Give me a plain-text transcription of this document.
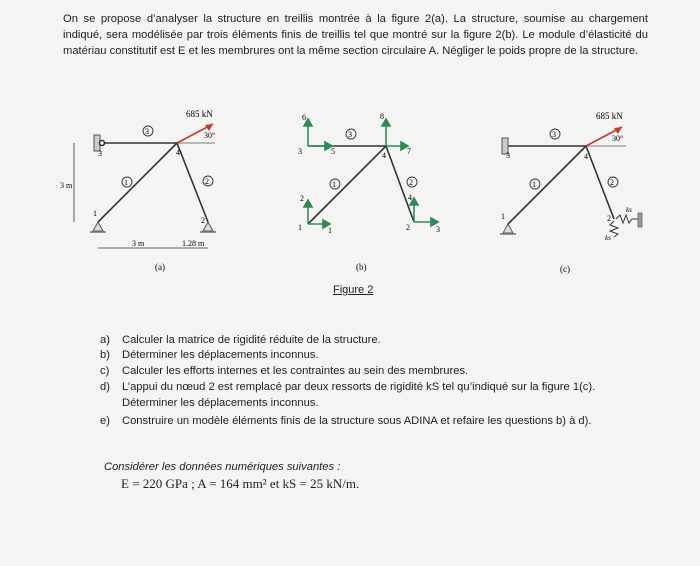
On se propose d’analyser la structure en treillis montrée à la figure 2(a). La structure, soumise au chargement indiqué, sera modélisée par trois éléments finis de treillis tel que montré sur la figure 2(b). Le module d’élasticité du matériau constitutif est E et les membrures ont la même section circulaire A. Négliger le poids propre de la structure.
685 kN
30°
3
1	2
3	4
1
2
3 m
3 m	1.28 m
(a)
6
5
8
7
2
1
4
3
3
1	2
3	4
1	2
(b)
685 kN
30°
3
1	2
3	4
1	2
ks
ks
(c)
Figure 2
a) Calculer la matrice de rigidité réduite de la structure.
b) Déterminer les déplacements inconnus.
c) Calculer les efforts internes et les contraintes au sein des membrures.
d) L’appui du nœud 2 est remplacé par deux ressorts de rigidité kS tel qu’indiqué sur la figure 1(c).
Déterminer les déplacements inconnus.
e) Construire un modèle éléments finis de la structure sous ADINA et refaire les questions b) à d).
Considérer les données numériques suivantes :
E = 220 GPa ; A = 164 mm² et kS = 25 kN/m.
